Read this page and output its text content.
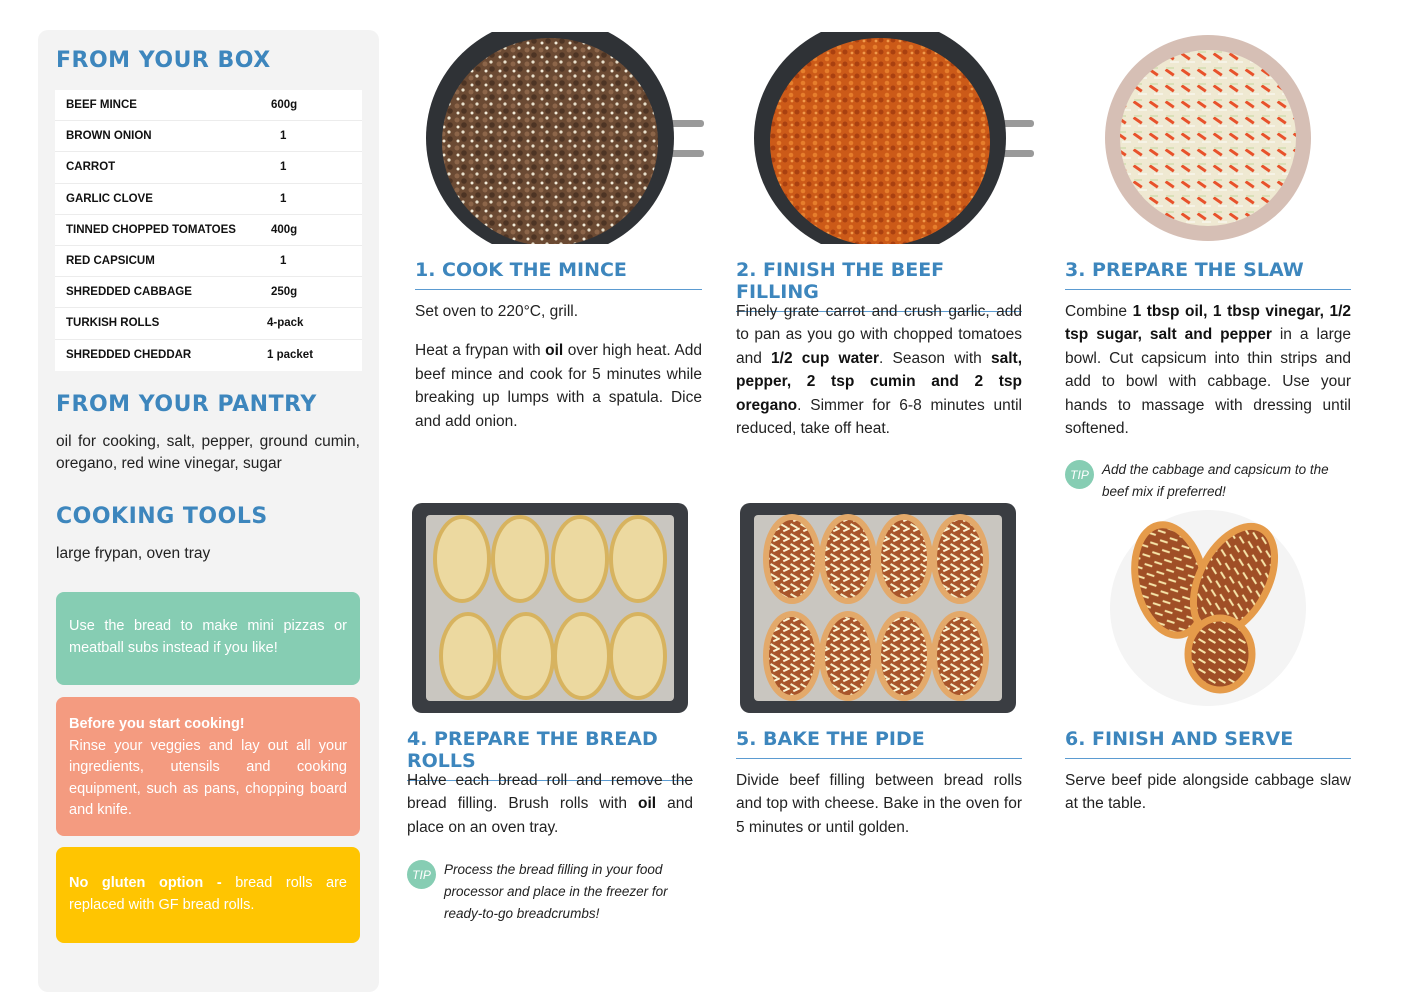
FROM YOUR BOX
BEEF MINCE	600g
BROWN ONION	1
CARROT	1
GARLIC CLOVE	1
TINNED CHOPPED TOMATOES	400g
RED CAPSICUM	1
SHREDDED CABBAGE	250g
TURKISH ROLLS	4-pack
SHREDDED CHEDDAR	1 packet
FROM YOUR PANTRY
oil for cooking, salt, pepper, ground cumin, oregano, red wine vinegar, sugar
COOKING TOOLS
large frypan, oven tray
Use the bread to make mini pizzas or meatball subs instead if you like!
Before you start cooking!
Rinse your veggies and lay out all your ingredients, utensils and cooking equipment, such as pans, chopping board and knife.
No gluten option - bread rolls are replaced with GF bread rolls.
1. COOK THE MINCE

Set oven to 220°C, grill.

Heat a frypan with oil over high heat. Add beef mince and cook for 5 minutes while breaking up lumps with a spatula. Dice and add onion.

2. FINISH THE BEEF FILLING

Finely grate carrot and crush garlic, add to pan as you go with chopped tomatoes and 1/2 cup water. Season with salt, pepper, 2 tsp cumin and 2 tsp oregano. Simmer for 6-8 minutes until reduced, take off heat.

3. PREPARE THE SLAW

Combine 1 tbsp oil, 1 tbsp vinegar, 1/2 tsp sugar, salt and pepper in a large bowl. Cut capsicum into thin strips and add to bowl with cabbage. Use your hands to massage with dressing until softened.

TIP Add the cabbage and capsicum to the beef mix if preferred!
4. PREPARE THE BREAD ROLLS

Halve each bread roll and remove the bread filling. Brush rolls with oil and place on an oven tray.

TIP Process the bread filling in your food processor and place in the freezer for ready-to-go breadcrumbs!
5. BAKE THE PIDE
Divide beef filling between bread rolls and top with cheese. Bake in the oven for 5 minutes or until golden.
6. FINISH AND SERVE
Serve beef pide alongside cabbage slaw at the table.
